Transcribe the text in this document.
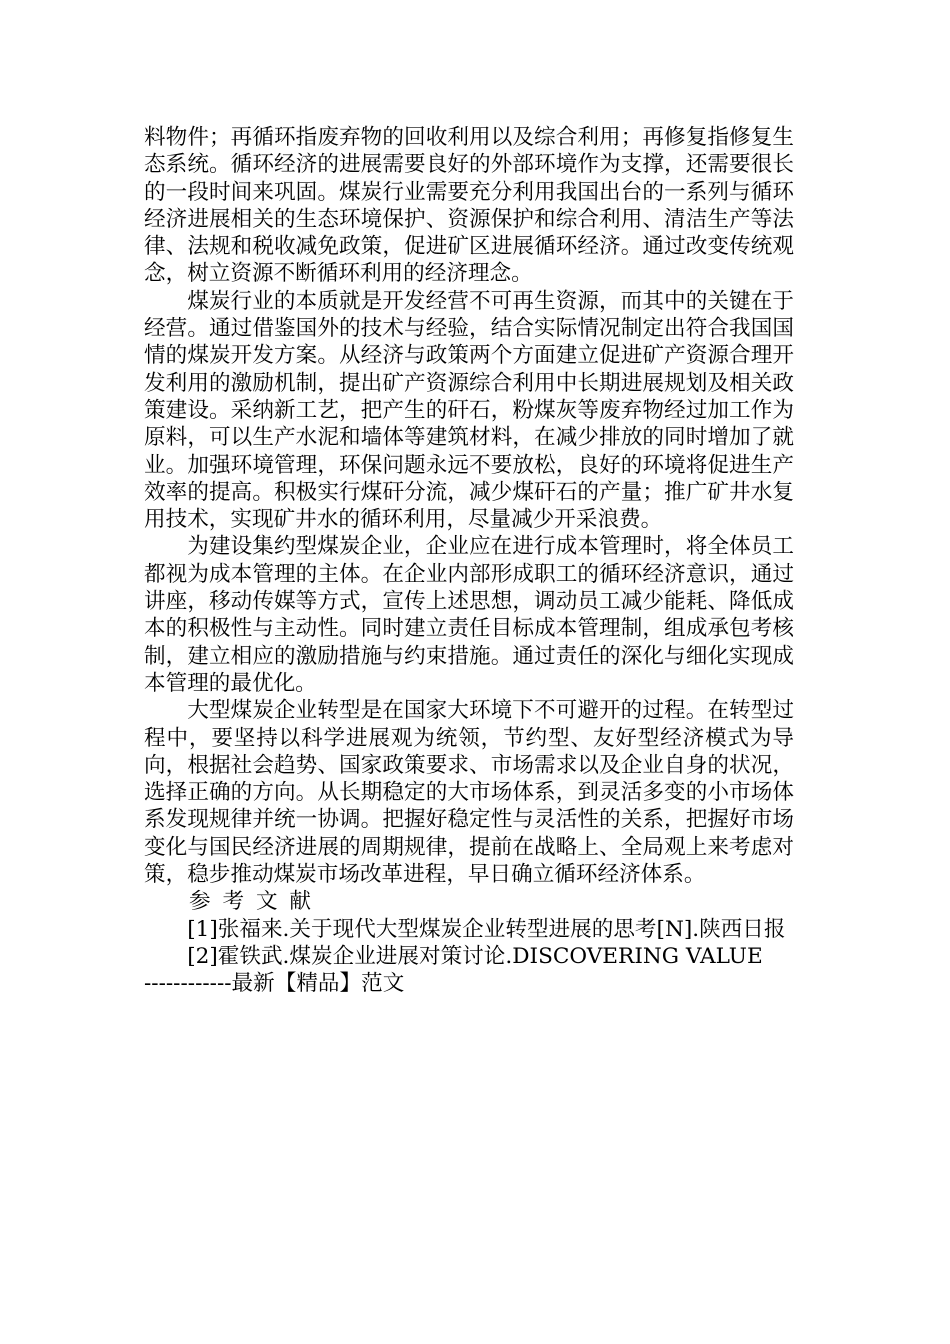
料物件；再循环指废弃物的回收利用以及综合利用；再修复指修复生态系统。循环经济的进展需要良好的外部环境作为支撑，还需要很长的一段时间来巩固。煤炭行业需要充分利用我国出台的一系列与循环经济进展相关的生态环境保护、资源保护和综合利用、清洁生产等法律、法规和税收减免政策，促进矿区进展循环经济。通过改变传统观念，树立资源不断循环利用的经济理念。

煤炭行业的本质就是开发经营不可再生资源，而其中的关键在于经营。通过借鉴国外的技术与经验，结合实际情况制定出符合我国国情的煤炭开发方案。从经济与政策两个方面建立促进矿产资源合理开发利用的激励机制，提出矿产资源综合利用中长期进展规划及相关政策建设。采纳新工艺，把产生的矸石，粉煤灰等废弃物经过加工作为原料，可以生产水泥和墙体等建筑材料，在减少排放的同时增加了就业。加强环境管理，环保问题永远不要放松，良好的环境将促进生产效率的提高。积极实行煤矸分流，减少煤矸石的产量；推广矿井水复用技术，实现矿井水的循环利用，尽量减少开采浪费。

为建设集约型煤炭企业，企业应在进行成本管理时，将全体员工都视为成本管理的主体。在企业内部形成职工的循环经济意识，通过讲座，移动传媒等方式，宣传上述思想，调动员工减少能耗、降低成本的积极性与主动性。同时建立责任目标成本管理制，组成承包考核制，建立相应的激励措施与约束措施。通过责任的深化与细化实现成本管理的最优化。

大型煤炭企业转型是在国家大环境下不可避开的过程。在转型过程中，要坚持以科学进展观为统领，节约型、友好型经济模式为导向，根据社会趋势、国家政策要求、市场需求以及企业自身的状况，选择正确的方向。从长期稳定的大市场体系，到灵活多变的小市场体系发现规律并统一协调。把握好稳定性与灵活性的关系，把握好市场变化与国民经济进展的周期规律，提前在战略上、全局观上来考虑对策，稳步推动煤炭市场改革进程，早日确立循环经济体系。

参考文献

[1]张福来.关于现代大型煤炭企业转型进展的思考[N].陕西日报

[2]霍铁武.煤炭企业进展对策讨论.DISCOVERING VALUE

------------最新【精品】范文
